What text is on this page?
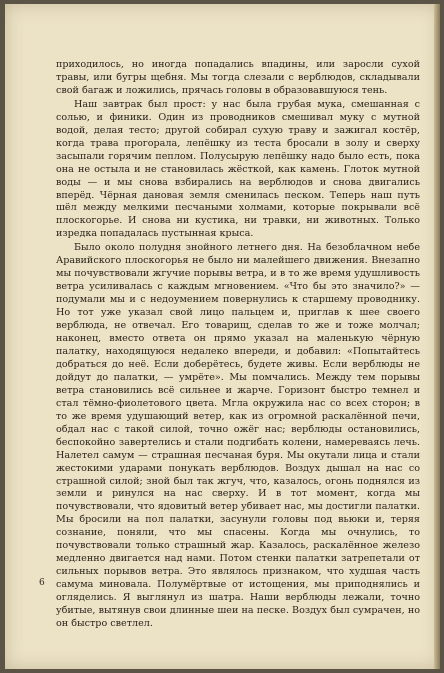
приходилось, но иногда попадались впадины, или заросли сухой травы, или бугры щебня. Мы тогда слезали с верблюдов, складывали свой багаж и ложились, прячась головы в образовавшуюся тень.

Наш завтрак был прост: у нас была грубая мука, смешанная с солью, и финики. Один из проводников смешивал муку с мутной водой, делая тесто; другой собирал сухую траву и зажигал костёр, когда трава прогорала, лепёшку из теста бросали в золу и сверху засыпали горячим пеплом. Полусырую лепёшку надо было есть, пока она не остыла и не становилась жёсткой, как камень. Глоток мутной воды — и мы снова взбирались на верблюдов и снова двигались вперёд. Чёрная дановая земля сменилась песком. Теперь наш путь шёл между мелкими песчаными холмами, которые покрывали всё плоскогорье. И снова ни кустика, ни травки, ни животных. Только изредка попадалась пустынная крыса.

Было около полудня знойного летнего дня. На безоблачном небе Аравийского плоскогорья не было ни малейшего движения. Внезапно мы почувствовали жгучие порывы ветра, и в то же время удушливость ветра усиливалась с каждым мгновением. «Что бы это значило?» — подумали мы и с недоумением повернулись к старшему проводнику. Но тот уже указал свой лицо пальцем и, приглав к шее своего верблюда, не отвечал. Его товарищ, сделав то же и тоже молчал; наконец, вместо ответа он прямо указал на маленькую чёрную палатку, находящуюся недалеко впереди, и добавил: «Попытайтесь добраться до неё. Если доберётесь, будете живы. Если верблюды не дойдут до палатки, — умрёте». Мы помчались. Между тем порывы ветра становились всё сильнее и жарче. Горизонт быстро темнел и стал тёмно-фиолетового цвета. Мгла окружила нас со всех сторон; в то же время удушающий ветер, как из огромной раскалённой печи, обдал нас с такой силой, точно ожёг нас; верблюды остановились, беспокойно завертелись и стали подгибать колени, намереваясь лечь. Налетел самум — страшная песчаная буря. Мы окутали лица и стали жестокими ударами понукать верблюдов. Воздух дышал на нас со страшной силой; зной был так жгуч, что, казалось, огонь поднялся из земли и ринулся на нас сверху. И в тот момент, когда мы почувствовали, что ядовитый ветер убивает нас, мы достигли палатки. Мы бросили на пол палатки, засунули головы под вьюки и, теряя сознание, поняли, что мы спасены. Когда мы очнулись, то почувствовали только страшный жар. Казалось, раскалённое железо медленно двигается над нами. Потом стенки палатки затрепетали от сильных порывов ветра. Это являлось признаком, что худшая часть самума миновала. Полумёртвые от истощения, мы приподнялись и огляделись. Я выглянул из шатра. Наши верблюды лежали, точно убитые, вытянув свои длинные шеи на песке. Воздух был сумрачен, но он быстро светлел.

6
